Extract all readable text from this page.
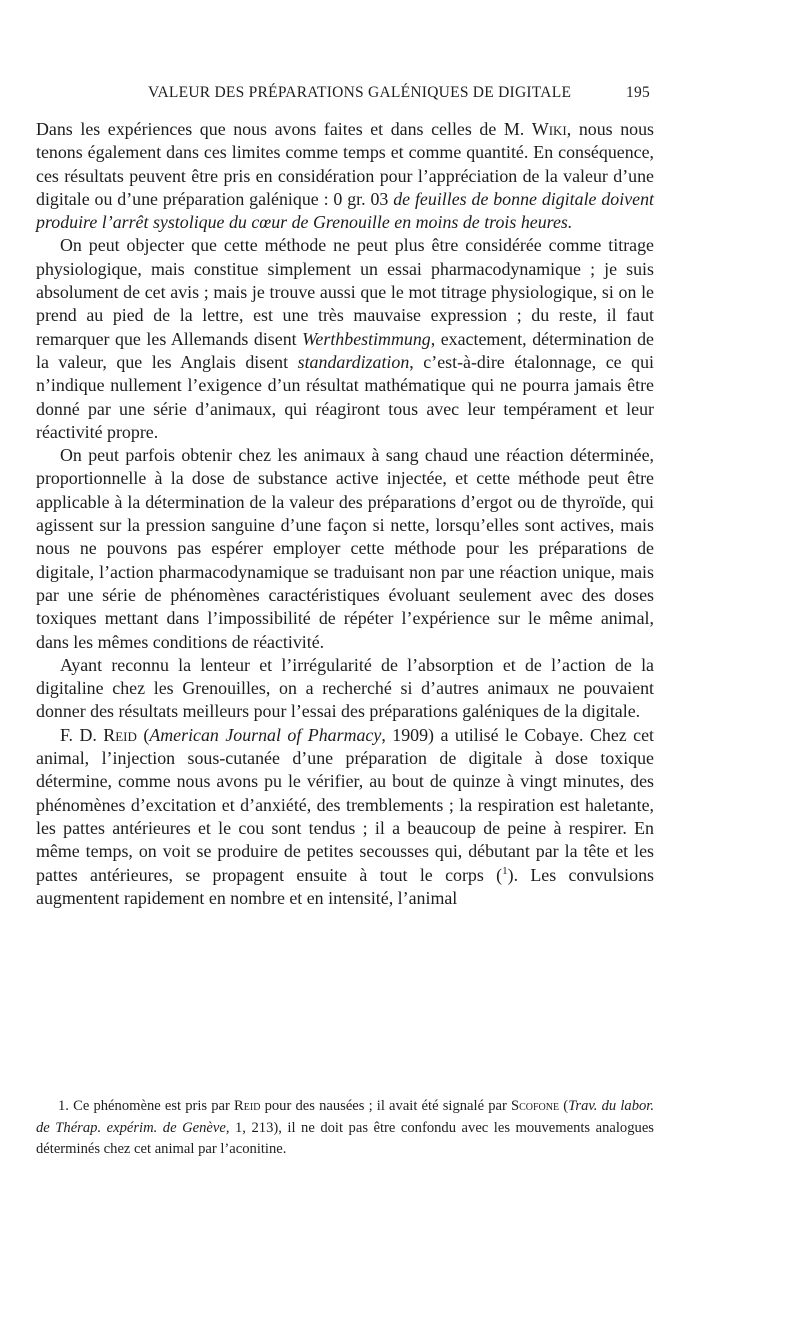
VALEUR DES PRÉPARATIONS GALÉNIQUES DE DIGITALE	195

Dans les expériences que nous avons faites et dans celles de M. Wiki, nous nous tenons également dans ces limites comme temps et comme quantité. En conséquence, ces résultats peuvent être pris en considération pour l’appréciation de la valeur d’une digitale ou d’une préparation galénique : 0 gr. 03 de feuilles de bonne digitale doivent produire l’arrêt systolique du cœur de Grenouille en moins de trois heures.

On peut objecter que cette méthode ne peut plus être considérée comme titrage physiologique, mais constitue simplement un essai pharmacodynamique ; je suis absolument de cet avis ; mais je trouve aussi que le mot titrage physiologique, si on le prend au pied de la lettre, est une très mauvaise expression ; du reste, il faut remarquer que les Allemands disent Werthbestimmung, exactement, détermination de la valeur, que les Anglais disent standardization, c’est-à-dire étalonnage, ce qui n’indique nullement l’exigence d’un résultat mathématique qui ne pourra jamais être donné par une série d’animaux, qui réagiront tous avec leur tempérament et leur réactivité propre.

On peut parfois obtenir chez les animaux à sang chaud une réaction déterminée, proportionnelle à la dose de substance active injectée, et cette méthode peut être applicable à la détermination de la valeur des préparations d’ergot ou de thyroïde, qui agissent sur la pression sanguine d’une façon si nette, lorsqu’elles sont actives, mais nous ne pouvons pas espérer employer cette méthode pour les préparations de digitale, l’action pharmacodynamique se traduisant non par une réaction unique, mais par une série de phénomènes caractéristiques évoluant seulement avec des doses toxiques mettant dans l’impossibilité de répéter l’expérience sur le même animal, dans les mêmes conditions de réactivité.

Ayant reconnu la lenteur et l’irrégularité de l’absorption et de l’action de la digitaline chez les Grenouilles, on a recherché si d’autres animaux ne pouvaient donner des résultats meilleurs pour l’essai des préparations galéniques de la digitale.

F. D. Reid (American Journal of Pharmacy, 1909) a utilisé le Cobaye. Chez cet animal, l’injection sous-cutanée d’une préparation de digitale à dose toxique détermine, comme nous avons pu le vérifier, au bout de quinze à vingt minutes, des phénomènes d’excitation et d’anxiété, des tremblements ; la respiration est haletante, les pattes antérieures et le cou sont tendus ; il a beaucoup de peine à respirer. En même temps, on voit se produire de petites secousses qui, débutant par la tête et les pattes antérieures, se propagent ensuite à tout le corps ($^1$). Les convulsions augmentent rapidement en nombre et en intensité, l’animal

1. Ce phénomène est pris par Reid pour des nausées ; il avait été signalé par Scofone (Trav. du labor. de Thérap. expérim. de Genève, 1, 213), il ne doit pas être confondu avec les mouvements analogues déterminés chez cet animal par l’aconitine.
